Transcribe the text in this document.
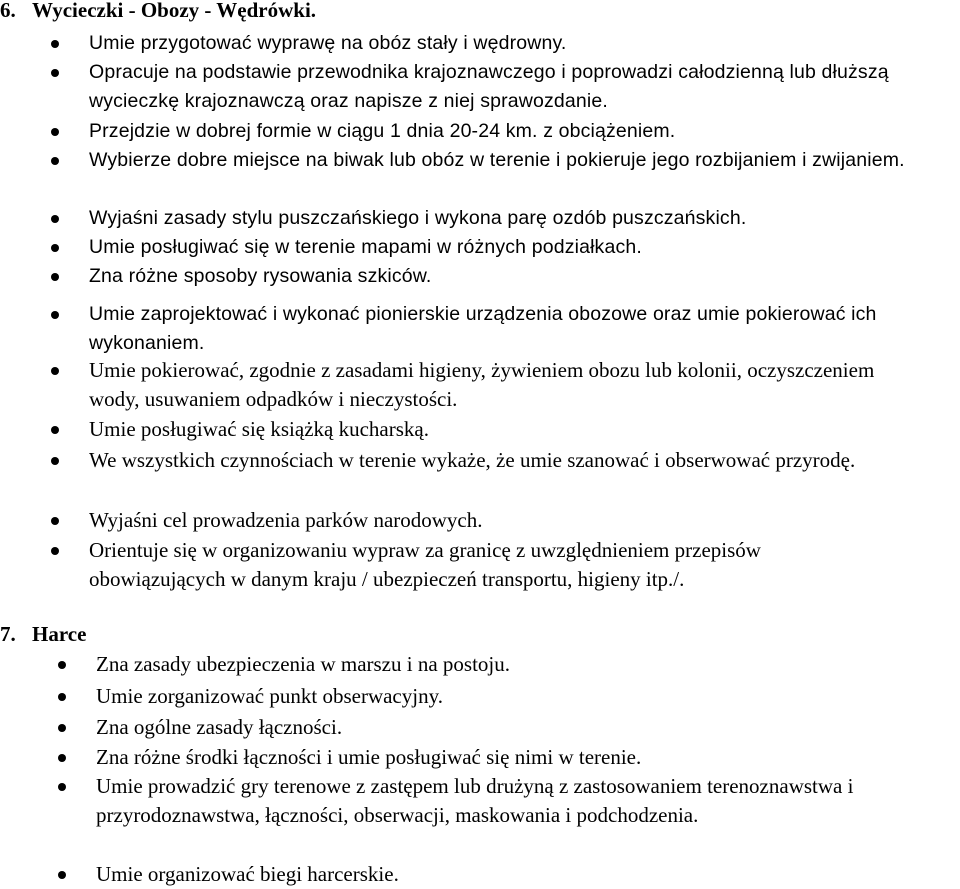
6. Wycieczki - Obozy - Wędrówki.
Umie przygotować wyprawę na obóz stały i wędrowny.
Opracuje na podstawie przewodnika krajoznawczego i poprowadzi całodzienną lub dłuższą wycieczkę krajoznawczą oraz napisze z niej sprawozdanie.
Przejdzie w dobrej formie w ciągu 1 dnia 20-24 km. z obciążeniem.
Wybierze dobre miejsce na biwak lub obóz w terenie i pokieruje jego rozbijaniem i zwijaniem.
Wyjaśni zasady stylu puszczańskiego i wykona parę ozdób puszczańskich.
Umie posługiwać się w terenie mapami w różnych podziałkach.
Zna różne sposoby rysowania szkiców.
Umie zaprojektować i wykonać pionierskie urządzenia obozowe oraz umie pokierować ich wykonaniem.
Umie pokierować, zgodnie z zasadami higieny, żywieniem obozu lub kolonii, oczyszczeniem wody, usuwaniem odpadków i nieczystości.
Umie posługiwać się książką kucharską.
We wszystkich czynnościach w terenie wykaże, że umie szanować i obserwować przyrodę.
Wyjaśni cel prowadzenia parków narodowych.
Orientuje się w organizowaniu wypraw za granicę z uwzględnieniem przepisów obowiązujących w danym kraju / ubezpieczeń transportu, higieny itp./.
7. Harce
Zna zasady ubezpieczenia w marszu i na postoju.
Umie zorganizować punkt obserwacyjny.
Zna ogólne zasady łączności.
Zna różne środki łączności i umie posługiwać się nimi w terenie.
Umie prowadzić gry terenowe z zastępem lub drużyną z zastosowaniem terenoznawstwa i przyrodoznawstwa, łączności, obserwacji, maskowania i podchodzenia.
Umie organizować biegi harcerskie.
